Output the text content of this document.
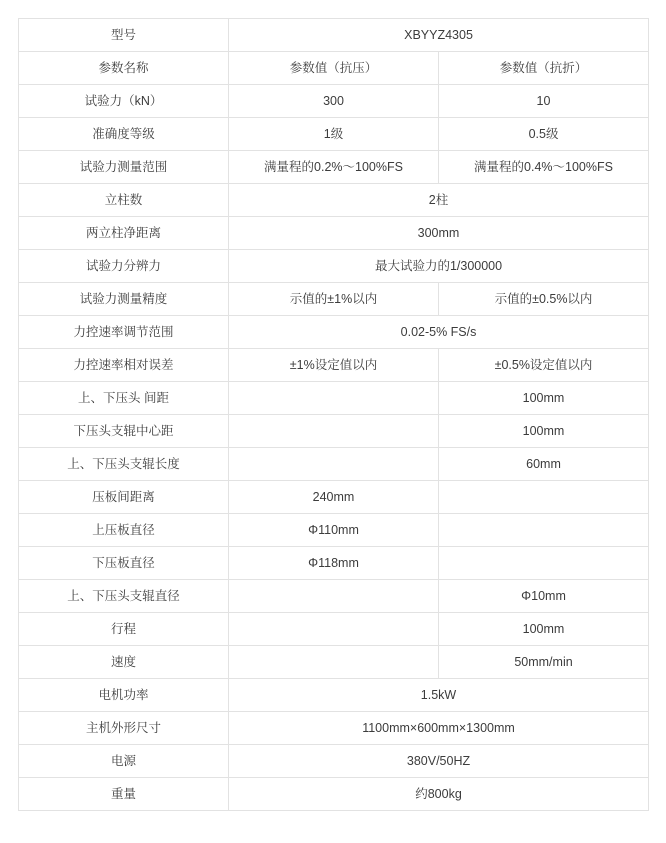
型号	XBYYZ4305	
参数名称	参数值（抗压）	参数值（抗折）
试验力（kN）	300	10
准确度等级	1级	0.5级
试验力测量范围	满量程的0.2%～100%FS	满量程的0.4%～100%FS
立柱数	2柱	
两立柱净距离	300mm	
试验力分辨力	最大试验力的1/300000	
试验力测量精度	示值的±1%以内	示值的±0.5%以内
力控速率调节范围	0.02-5% FS/s	
力控速率相对误差	±1%设定值以内	±0.5%设定值以内
上、下压头 间距		100mm
下压头支辊中心距		100mm
上、下压头支辊长度		60mm
压板间距离	240mm	
上压板直径	Φ110mm	
下压板直径	Φ118mm	
上、下压头支辊直径		Φ10mm
行程		100mm
速度		50mm/min
电机功率	1.5kW	
主机外形尺寸	1100mm×600mm×1300mm	
电源	380V/50HZ	
重量	约800kg	
